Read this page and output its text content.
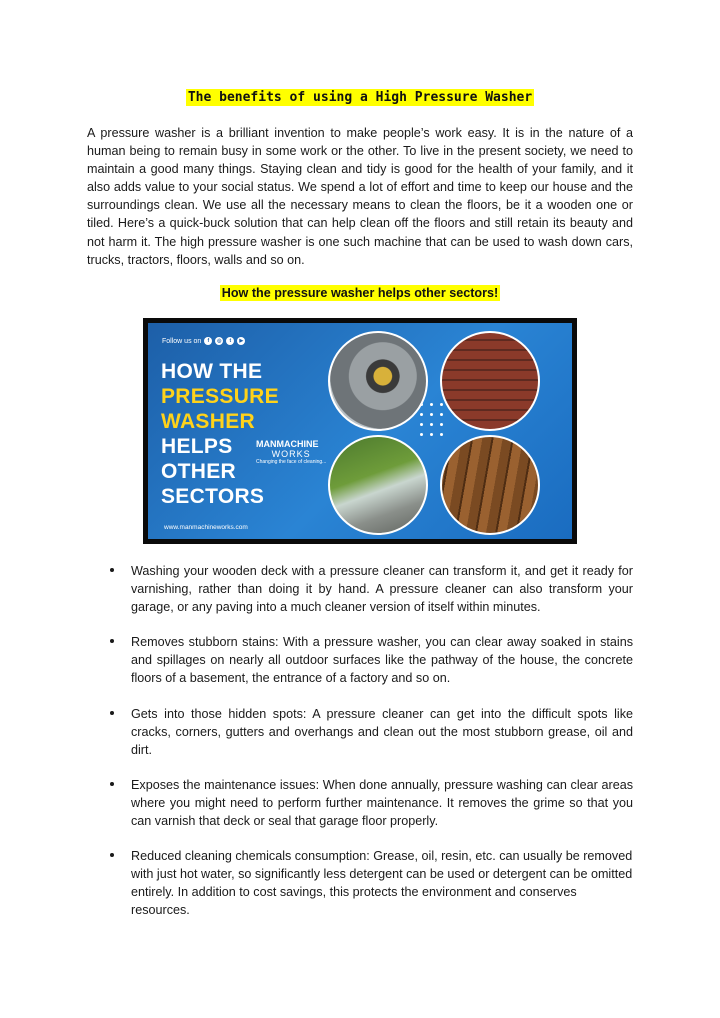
The benefits of using a High Pressure Washer

A pressure washer is a brilliant invention to make people’s work easy. It is in the nature of a human being to remain busy in some work or the other. To live in the present society, we need to maintain a good many things. Staying clean and tidy is good for the health of your family, and it also adds value to your social status. We spend a lot of effort and time to keep our house and the surroundings clean. We use all the necessary means to clean the floors, be it a wooden one or tiled. Here’s a quick-buck solution that can help clean off the floors and still retain its beauty and not harm it. The high pressure washer is one such machine that can be used to wash down cars, trucks, tractors, floors, walls and so on.

How the pressure washer helps other sectors!
Follow us on	f	◎	t	▶
HOW THE
PRESSURE
WASHER
HELPS
OTHER
SECTORS
MANMACHINE
WORKS
Changing the face of cleaning...
www.manmachineworks.com
Washing your wooden deck with a pressure cleaner can transform it, and get it ready for varnishing, rather than doing it by hand. A pressure cleaner can also transform your garage, or any paving into a much cleaner version of itself within minutes.
Removes stubborn stains: With a pressure washer, you can clear away soaked in stains and spillages on nearly all outdoor surfaces like the pathway of the house, the concrete floors of a basement, the entrance of a factory and so on.
Gets into those hidden spots: A pressure cleaner can get into the difficult spots like cracks, corners, gutters and overhangs and clean out the most stubborn grease, oil and dirt.
Exposes the maintenance issues: When done annually, pressure washing can clear areas where you might need to perform further maintenance. It removes the grime so that you can varnish that deck or seal that garage floor properly.
Reduced cleaning chemicals consumption: Grease, oil, resin, etc. can usually be removed with just hot water, so significantly less detergent can be used or detergent can be omitted entirely. In addition to cost savings, this protects the environment and conserves resources.
